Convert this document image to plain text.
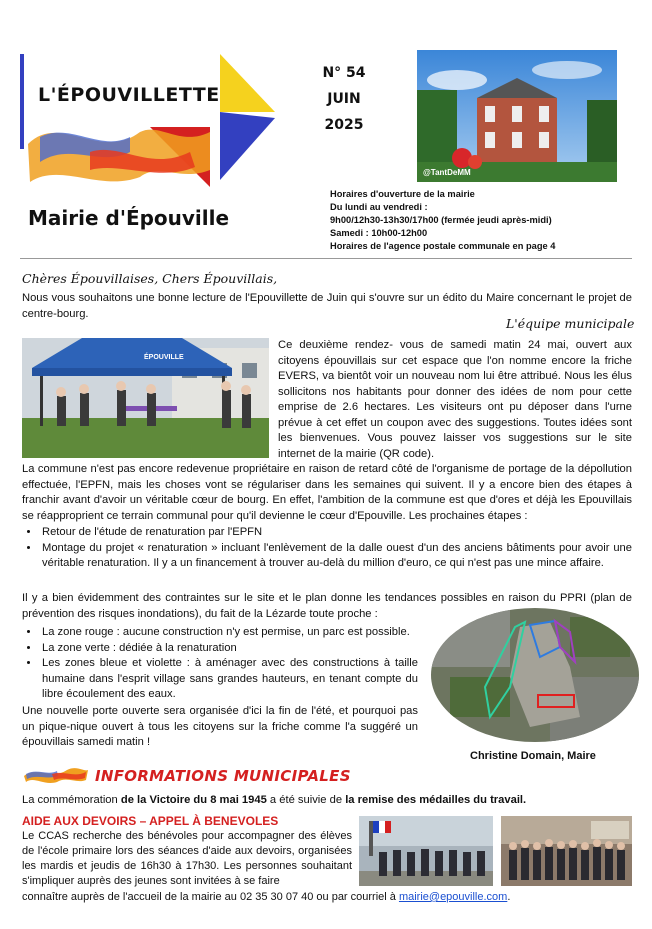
L'ÉPOUVILLETTE
N° 54
JUIN
2025
@TantDeMM
Mairie d'Épouville
Horaires d'ouverture de la mairie
Du lundi au vendredi :
9h00/12h30-13h30/17h00 (fermée jeudi après-midi)
Samedi : 10h00-12h00
Horaires de l'agence postale communale en page 4
Chères Épouvillaises, Chers Épouvillais,

Nous vous souhaitons une bonne lecture de l'Epouvillette de Juin qui s'ouvre sur un édito du Maire concernant le projet de centre-bourg.

L'équipe municipale
ÉPOUVILLE

Ce deuxième rendez- vous de samedi matin 24 mai, ouvert aux citoyens épouvillais sur cet espace que l'on nomme encore la friche EVERS, va bientôt voir un nouveau nom lui être attribué. Nous les élus sollicitons nos habitants pour donner des idées de nom pour cette emprise de 2.6 hectares. Les visiteurs ont pu déposer dans l'urne prévue à cet effet un coupon avec des suggestions. Toutes idées sont les bienvenues. Vous pouvez laisser vos suggestions sur le site internet de la mairie (QR code).

La commune n'est pas encore redevenue propriétaire en raison de retard côté de l'organisme de portage de la dépollution effectuée, l'EPFN, mais les choses vont se régulariser dans les semaines qui suivent. Il y a encore bien des étapes à franchir avant d'avoir un véritable cœur de bourg. En effet, l'ambition de la commune est que d'ores et déjà les Epouvillais se réapproprient ce terrain communal pour qu'il devienne le cœur d'Epouville. Les prochaines étapes :

• Retour de l'étude de renaturation par l'EPFN
• Montage du projet « renaturation » incluant l'enlèvement de la dalle ouest d'un des anciens bâtiments pour avoir une véritable renaturation. Il y a un financement à trouver au-delà du million d'euro, ce qui n'est pas une mince affaire.

Il y a bien évidemment des contraintes sur le site et le plan donne les tendances possibles en raison du PPRI (plan de prévention des risques inondations), du fait de la Lézarde toute proche :

• La zone rouge : aucune construction n'y est permise, un parc est possible.
• La zone verte : dédiée à la renaturation
• Les zones bleue et violette : à aménager avec des constructions à taille humaine dans l'esprit village sans grandes hauteurs, en tenant compte du libre écoulement des eaux.

Une nouvelle porte ouverte sera organisée d'ici la fin de l'été, et pourquoi pas un pique-nique ouvert à tous les citoyens sur la friche comme l'a suggéré un épouvillais samedi matin !

Christine Domain, Maire
INFORMATIONS MUNICIPALES
La commémoration de la Victoire du 8 mai 1945 a été suivie de la remise des médailles du travail.
AIDE AUX DEVOIRS – APPEL À BENEVOLES

Le CCAS recherche des bénévoles pour accompagner des élèves de l'école primaire lors des séances d'aide aux devoirs, organisées les mardis et jeudis de 16h30 à 17h30. Les personnes souhaitant s'impliquer auprès des jeunes sont invitées à se faire

connaître auprès de l'accueil de la mairie au 02 35 30 07 40 ou par courriel à mairie@epouville.com.
